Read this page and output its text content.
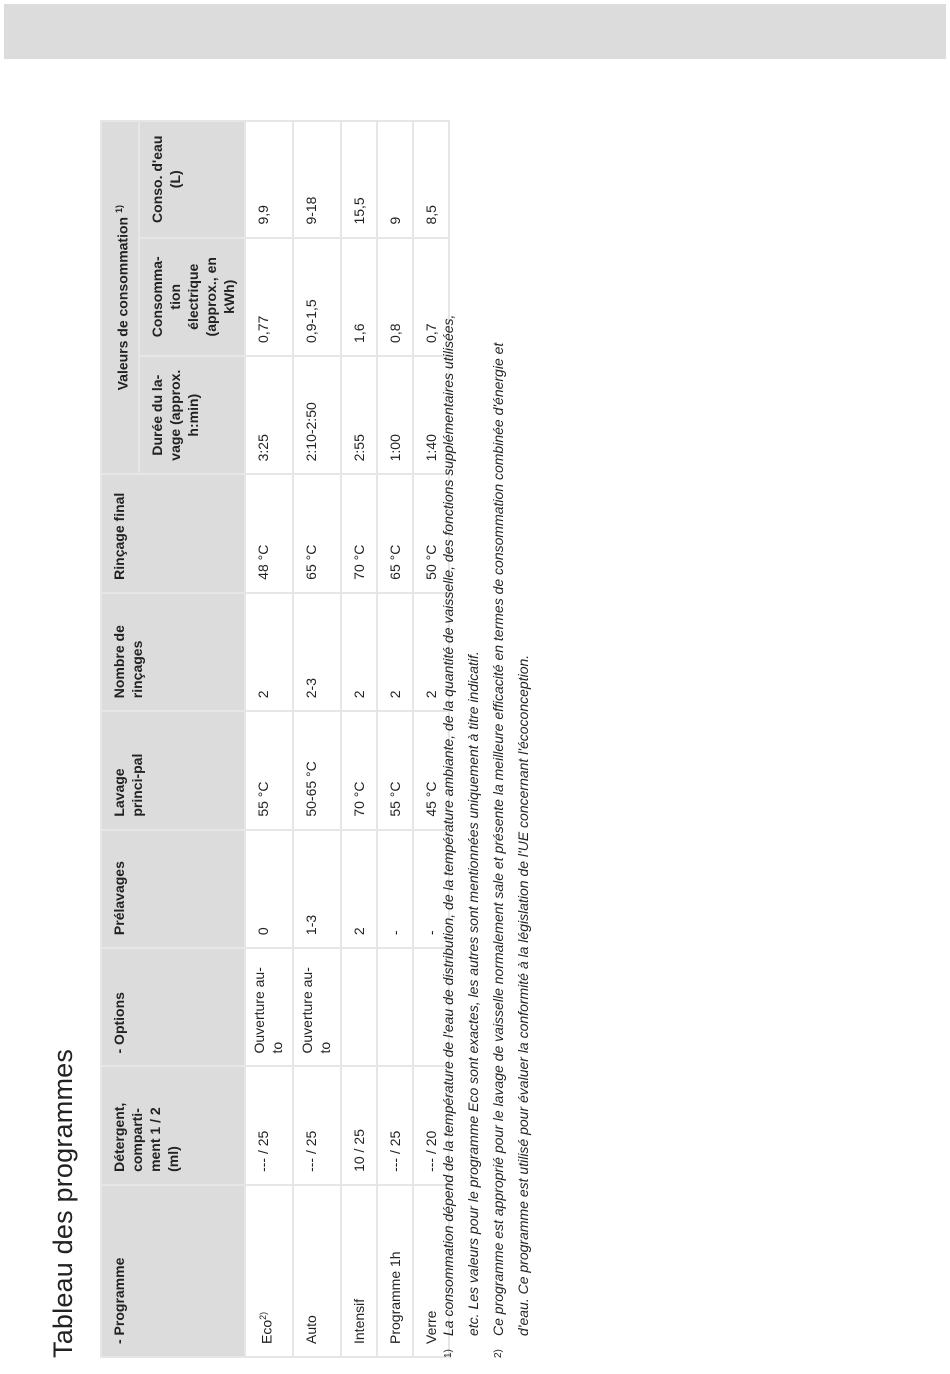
Tableau des programmes - Programme	Détergent, comparti-ment 1 / 2 (ml)	- Options	Prélavages	Lavage princi-pal	Nombre de rinçages	Rinçage final	Valeurs de consommation $^{1)}$
							Durée du la-vage (approx. h:min)	Consomma-tion électrique (approx., en kWh)	Conso. d'eau (L)
Eco$^{2)}$	--- / 25	Ouverture au-to	0	55 °C	2	48 °C	3:25	0,77	9,9
Auto	--- / 25	Ouverture au-to	1-3	50-65 °C	2-3	65 °C	2:10-2:50	0,9-1,5	9-18
Intensif	10 / 25		2	70 °C	2	70 °C	2:55	1,6	15,5
Programme 1h	--- / 25		-	55 °C	2	65 °C	1:00	0,8	9
Verre	--- / 20		-	45 °C	2	50 °C	1:40	0,7	8,5
$^{1)}$
La consommation dépend de la température de l'eau de distribution, de la température ambiante, de la quantité de vaisselle, des fonctions supplémentaires utilisées, etc. Les valeurs pour le programme Eco sont exactes, les autres sont mentionnées uniquement à titre indicatif.
$^{2)}$
Ce programme est approprié pour le lavage de vaisselle normalement sale et présente la meilleure efficacité en termes de consommation combinée d'énergie et d'eau. Ce programme est utilisé pour évaluer la conformité à la législation de l'UE concernant l'écoconception.
